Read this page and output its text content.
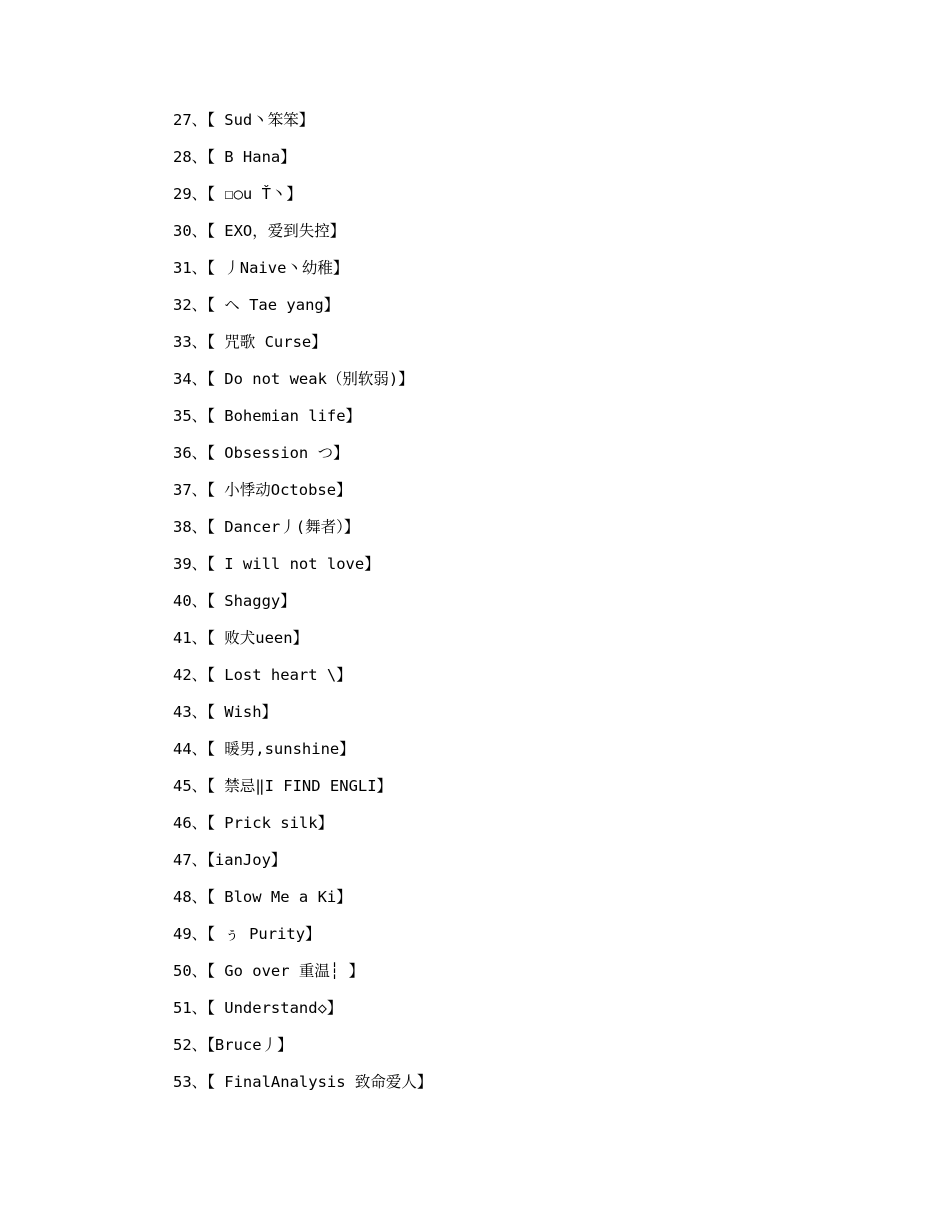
27、【 Sud丶笨笨】
28、【 B Hana】
29、【 ☐○u Ť丶】
30、【 EXO，爱到失控】
31、【 丿Naive丶幼稚】
32、【 ヘ Tae yang】
33、【 咒歌 Curse】
34、【 Do not weak（别软弱)】
35、【 Bohemian life】
36、【 Obsession つ】
37、【 小悸动Octobse】
38、【 Dancer丿(舞者）】
39、【 I will not love】
40、【 Shaggy】
41、【 败犬ueen】
42、【 Lost heart \】
43、【 Wish】
44、【 暖男,sunshine】
45、【 禁忌‖I FIND ENGLI】
46、【 Prick silk】
47、【ianJoy】
48、【 Blow Me a Ki】
49、【 ぅ Purity】
50、【 Go over 重温┆ 】
51、【 Understand◇】
52、【Bruce丿】
53、【 FinalAnalysis 致命爱人】
